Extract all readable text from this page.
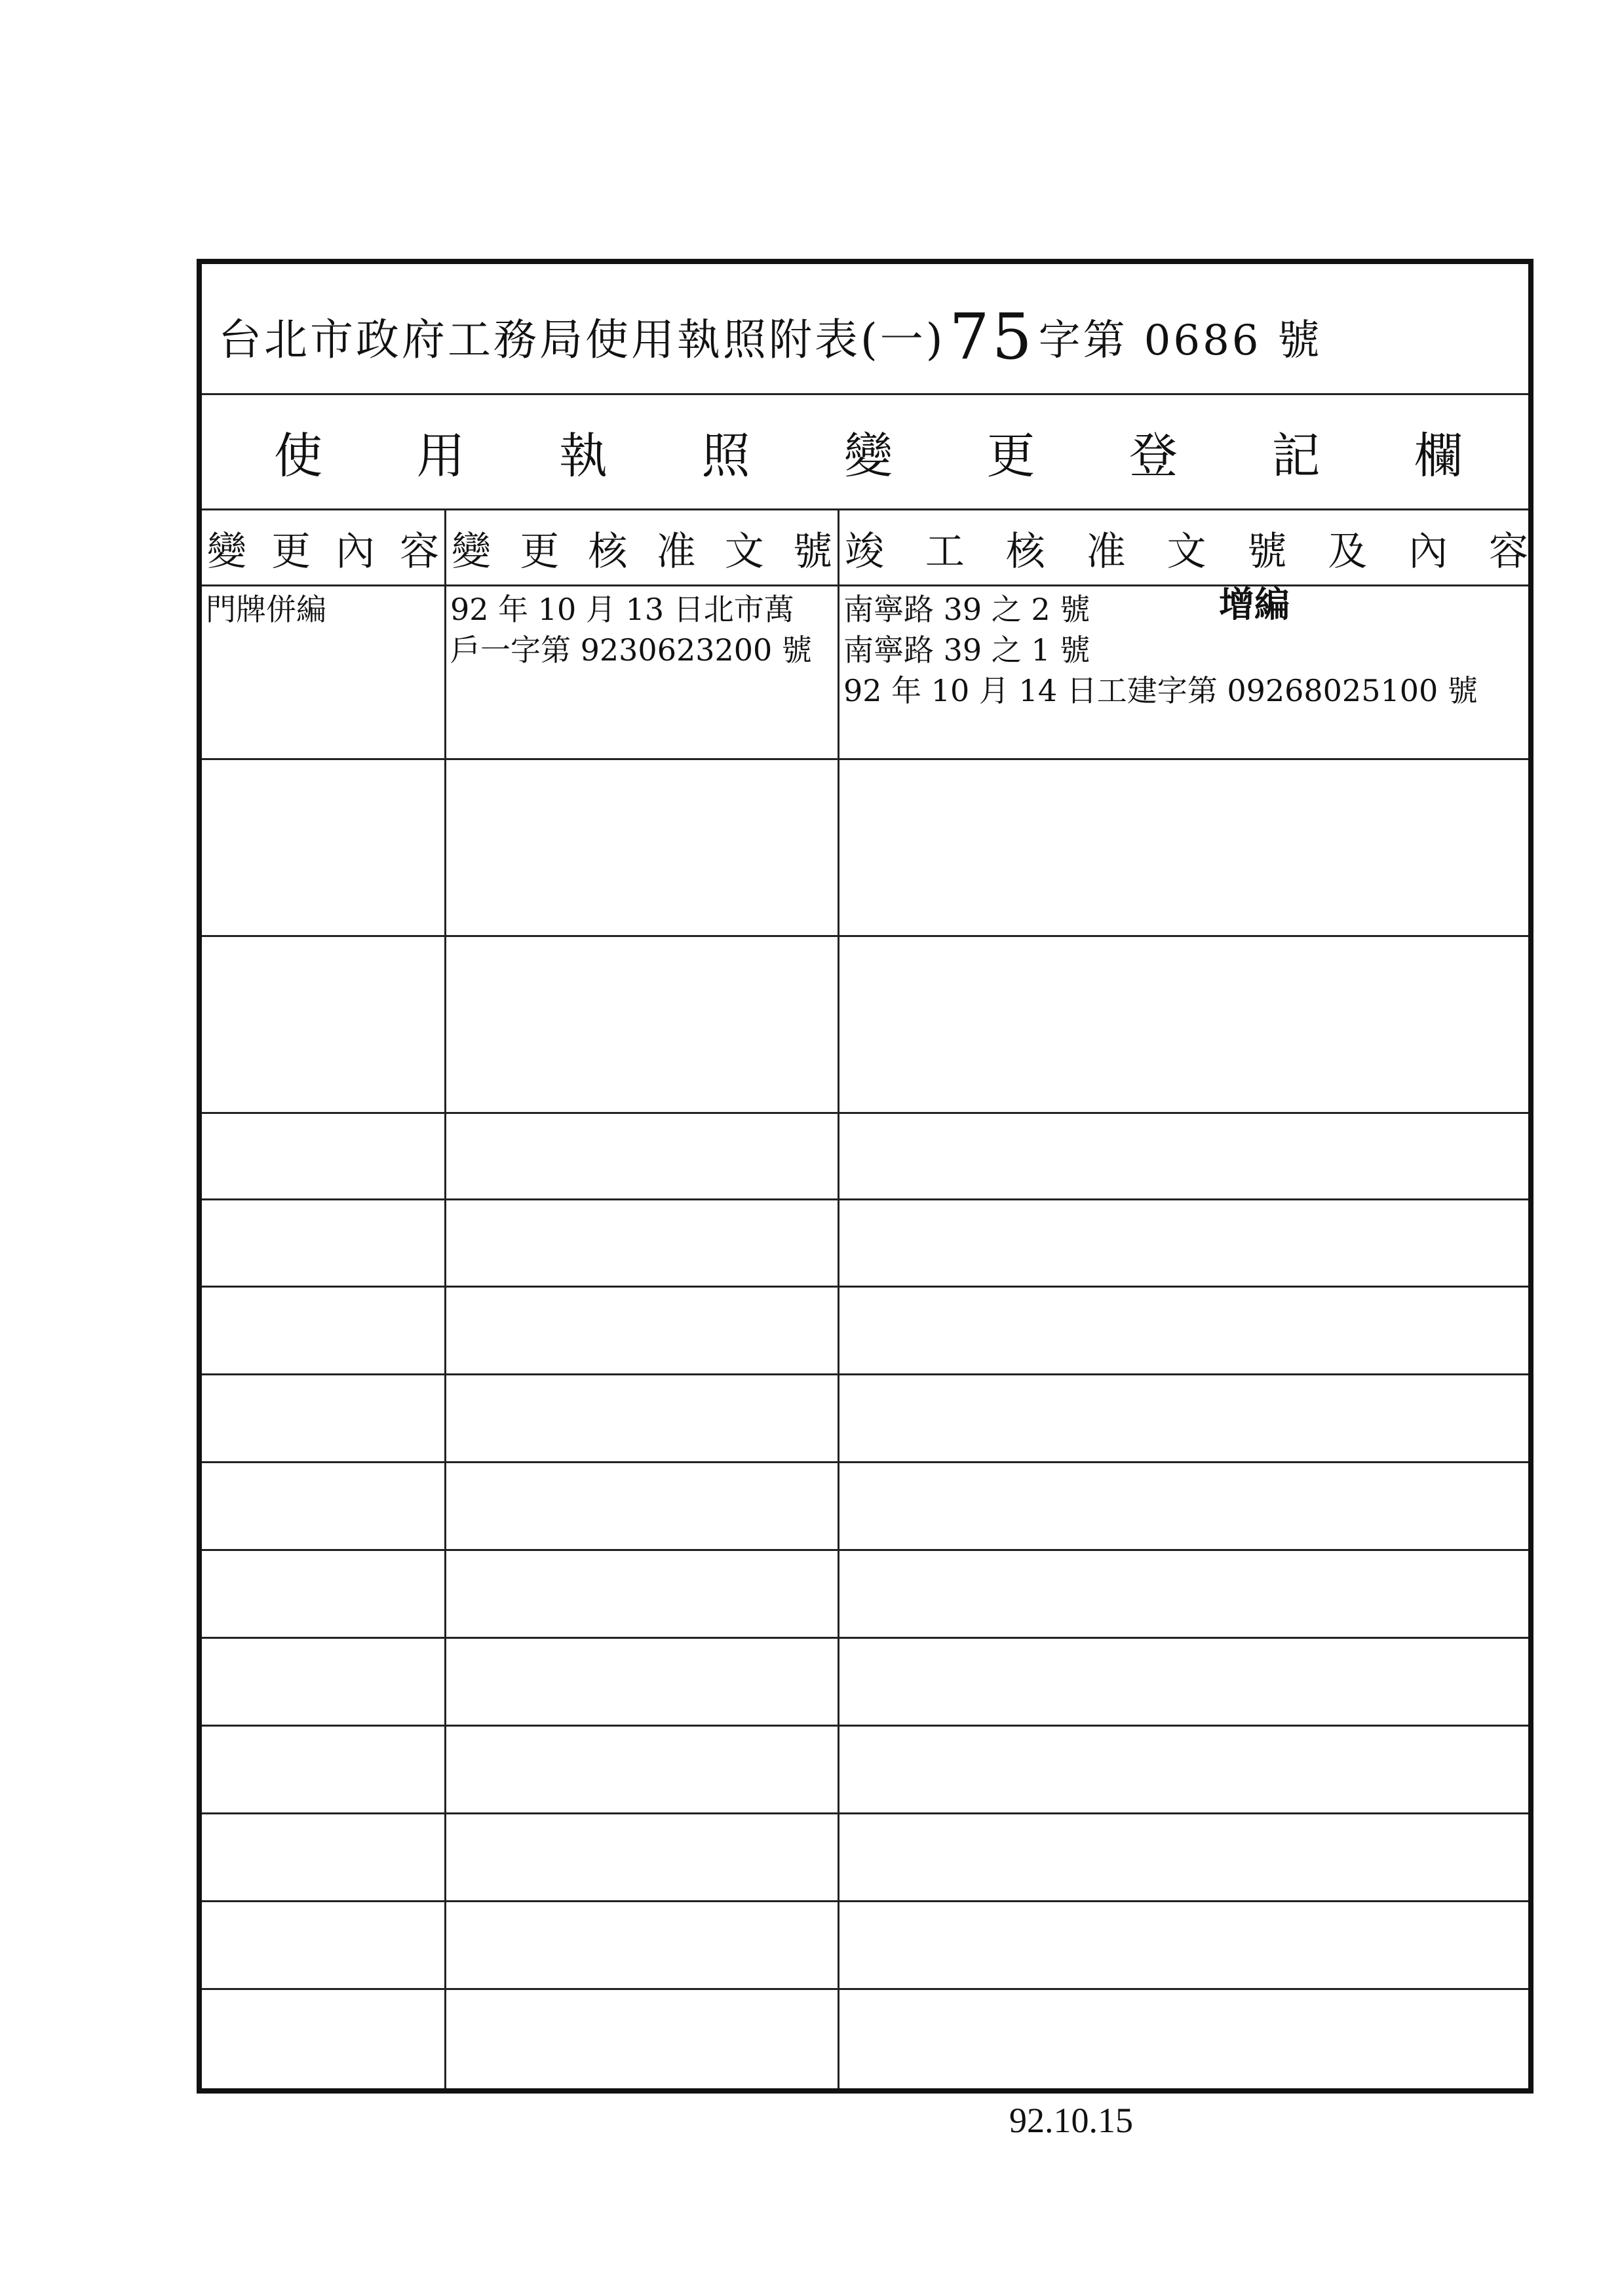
台北市政府工務局使用執照附表(一)75字第 0686 號
使 用 執 照 變 更 登 記 欄
變 更 內 容 變 更 核 准 文 號 竣 工 核 准 文 號 及 內 容
門牌併編	92 年 10 月 13 日北市萬
戶一字第 9230623200 號
南寧路 39 之 2 號
南寧路 39 之 1 號
92 年 10 月 14 日工建字第 09268025100 號
增編
92.10.15
